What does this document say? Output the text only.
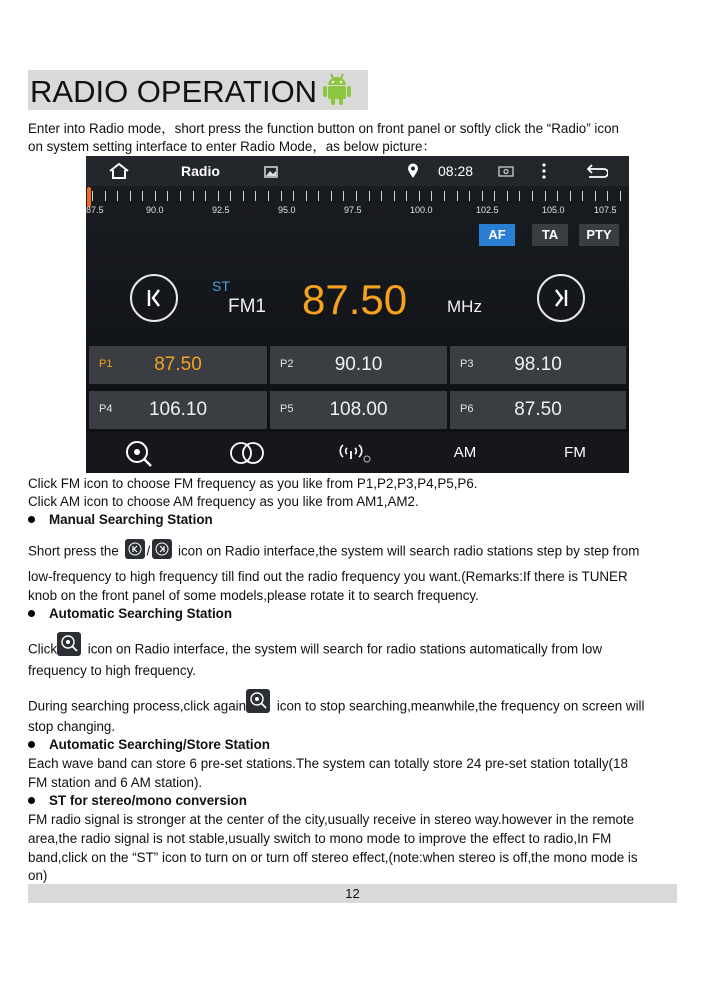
RADIO OPERATION
Enter into Radio mode，short press the function button on front panel or softly click the “Radio” icon
on system setting interface to enter Radio Mode，as below picture：
Radio	08:28
87.5	90.0	92.5	95.0	97.5	100.0	102.5	105.0	107.5
AF	TA	PTY
ST
FM1 87.50 MHz
P1	87.50	P2	90.10	P3	98.10
P4	106.10	P5	108.00	P6	87.50
AM	FM
Click FM icon to choose FM frequency as you like from P1,P2,P3,P4,P5,P6.
Click AM icon to choose AM frequency as you like from AM1,AM2.
Manual Searching Station
Short press the / icon on Radio interface,the system will search radio stations step by step from
low-frequency to high frequency till find out the radio frequency you want.(Remarks:If there is TUNER
knob on the front panel of some models,please rotate it to search frequency.
Automatic Searching Station
Click icon on Radio interface, the system will search for radio stations automatically from low
frequency to high frequency.
During searching process,click again icon to stop searching,meanwhile,the frequency on screen will
stop changing.
Automatic Searching/Store Station
Each wave band can store 6 pre-set stations.The system can totally store 24 pre-set station totally(18
FM station and 6 AM station).
ST for stereo/mono conversion
FM radio signal is stronger at the center of the city,usually receive in stereo way.however in the remote
area,the radio signal is not stable,usually switch to mono mode to improve the effect to radio,In FM
band,click on the “ST” icon to turn on or turn off stereo effect,(note:when stereo is off,the mono mode is
on)
12
